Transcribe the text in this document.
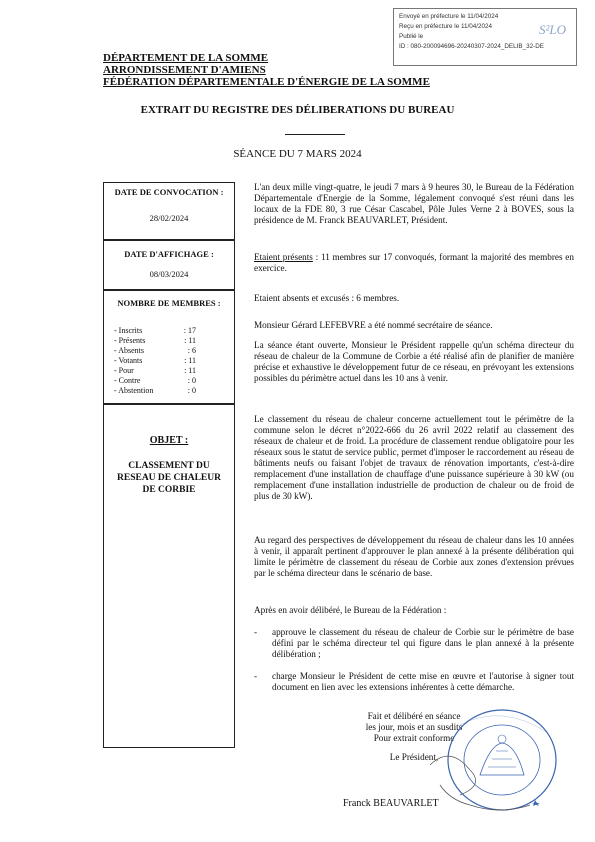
Envoyé en préfecture le 11/04/2024
Reçu en préfecture le 11/04/2024
Publié le
ID : 080-200094696-20240307-2024_DELIB_32-DE
S²LO
DÉPARTEMENT DE LA SOMME
ARRONDISSEMENT D'AMIENS
FÉDÉRATION DÉPARTEMENTALE D'ÉNERGIE DE LA SOMME
EXTRAIT DU REGISTRE DES DÉLIBERATIONS DU BUREAU
SÉANCE DU 7 MARS 2024
DATE DE CONVOCATION :
28/02/2024
DATE D'AFFICHAGE :
08/03/2024
NOMBRE DE MEMBRES :
- Inscrits	: 17
- Présents	: 11
- Absents	: 6
- Votants	: 11
- Pour	: 11
- Contre	: 0
- Abstention	: 0
OBJET :
CLASSEMENT DU RESEAU DE CHALEUR DE CORBIE
L'an deux mille vingt-quatre, le jeudi 7 mars à 9 heures 30, le Bureau de la Fédération Départementale d'Energie de la Somme, légalement convoqué s'est réuni dans les locaux de la FDE 80, 3 rue César Cascabel, Pôle Jules Verne 2 à BOVES, sous la présidence de M. Franck BEAUVARLET, Président.
Etaient présents : 11 membres sur 17 convoqués, formant la majorité des membres en exercice.
Etaient absents et excusés : 6 membres.
Monsieur Gérard LEFEBVRE a été nommé secrétaire de séance.
La séance étant ouverte, Monsieur le Président rappelle qu'un schéma directeur du réseau de chaleur de la Commune de Corbie a été réalisé afin de planifier de manière précise et exhaustive le développement futur de ce réseau, en prévoyant les extensions possibles du périmètre actuel dans les 10 ans à venir.
Le classement du réseau de chaleur concerne actuellement tout le périmètre de la commune selon le décret n°2022-666 du 26 avril 2022 relatif au classement des réseaux de chaleur et de froid. La procédure de classement rendue obligatoire pour les réseaux sous le statut de service public, permet d'imposer le raccordement au réseau de bâtiments neufs ou faisant l'objet de travaux de rénovation importants, c'est-à-dire remplacement d'une installation de chauffage d'une puissance supérieure à 30 kW (ou remplacement d'une installation industrielle de production de chaleur ou de froid de plus de 30 kW).
Au regard des perspectives de développement du réseau de chaleur dans les 10 années à venir, il apparaît pertinent d'approuver le plan annexé à la présente délibération qui limite le périmètre de classement du réseau de Corbie aux zones d'extension prévues par le schéma directeur dans le scénario de base.
Après en avoir délibéré, le Bureau de la Fédération :
-	approuve le classement du réseau de chaleur de Corbie sur le périmètre de base défini par le schéma directeur tel qui figure dans le plan annexé à la présente délibération ;
-	charge Monsieur le Président de cette mise en œuvre et l'autorise à signer tout document en lien avec les extensions inhérentes à cette démarche.
Fait et délibéré en séance
les jour, mois et an susdits
Pour extrait conforme
Le Président,
Franck BEAUVARLET
